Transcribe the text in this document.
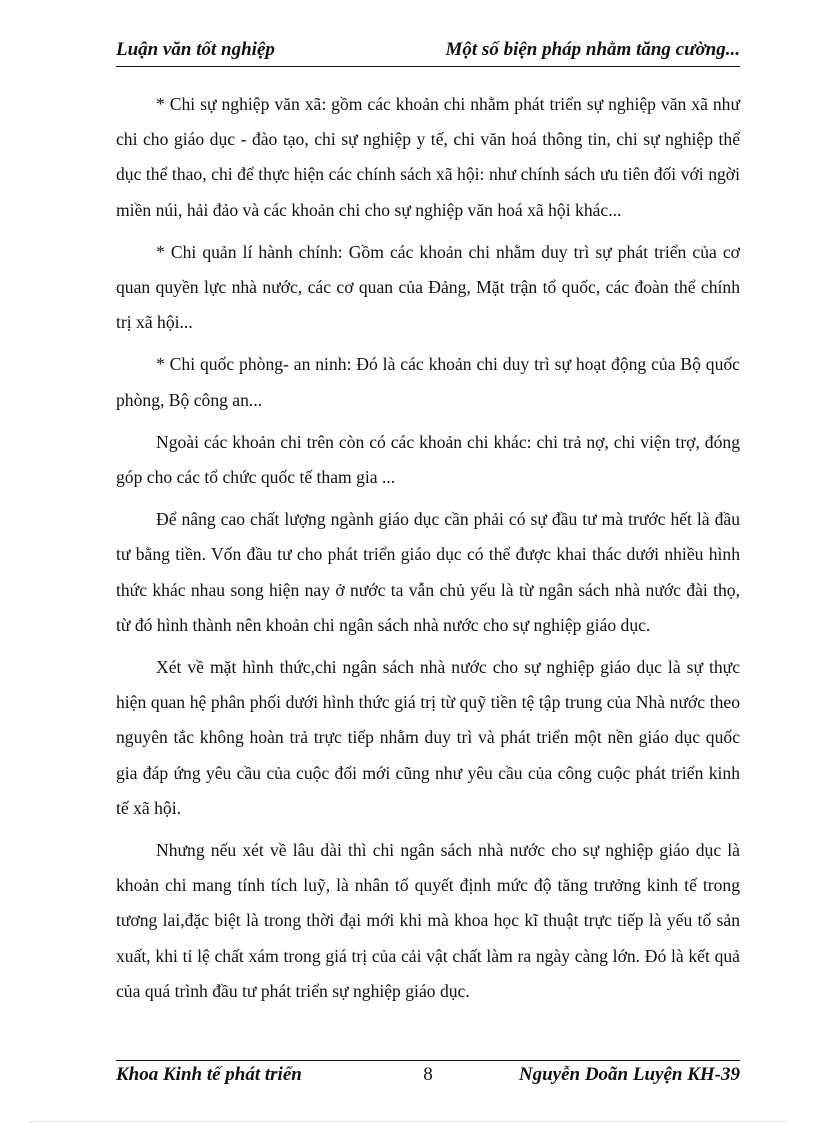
Luận văn tốt nghiệp	Một số biện pháp nhằm tăng cường...

* Chi sự nghiệp văn xã: gồm các khoản chi nhằm phát triển sự nghiệp văn xã như chi cho giáo dục - đào tạo, chi sự nghiệp y tế, chi văn hoá thông tin, chi sự nghiệp thể dục thể thao, chi để thực hiện các chính sách xã hội: như chính sách ưu tiên đối với ngời miền núi, hải đảo và các khoản chi cho sự nghiệp văn hoá xã hội khác...

* Chi quản lí hành chính: Gồm các khoản chi nhằm duy trì sự phát triển của cơ quan quyền lực nhà nước, các cơ quan của Đảng, Mặt trận tổ quốc, các đoàn thể chính trị xã hội...

* Chi quốc phòng- an ninh: Đó là các khoản chi duy trì sự hoạt động của Bộ quốc phòng, Bộ công an...

Ngoài các khoản chi trên còn có các khoản chi khác: chi trả nợ, chi viện trợ, đóng góp cho các tổ chức quốc tế tham gia ...

Để nâng cao chất lượng ngành giáo dục cần phải có sự đầu tư mà trước hết là đầu tư bằng tiền. Vốn đầu tư cho phát triển giáo dục có thể được khai thác dưới nhiều hình thức khác nhau song hiện nay ở nước ta vẫn chủ yếu là từ ngân sách nhà nước đài thọ, từ đó hình thành nên khoản chi ngân sách nhà nước cho sự nghiệp giáo dục.

Xét về mặt hình thức,chi ngân sách nhà nước cho sự nghiệp giáo dục là sự thực hiện quan hệ phân phối dưới hình thức giá trị từ quỹ tiền tệ tập trung của Nhà nước theo nguyên tắc không hoàn trả trực tiếp nhằm duy trì và phát triển một nền giáo dục quốc gia đáp ứng yêu cầu của cuộc đổi mới cũng như yêu cầu của công cuộc phát triển kinh tế xã hội.

Nhưng nếu xét về lâu dài thì chi ngân sách nhà nước cho sự nghiệp giáo dục là khoản chi mang tính tích luỹ, là nhân tố quyết định mức độ tăng trưởng kinh tế trong tương lai,đặc biệt là trong thời đại mới khi mà khoa học kĩ thuật trực tiếp là yếu tố sản xuất, khi tỉ lệ chất xám trong giá trị của cải vật chất làm ra ngày càng lớn. Đó là kết quả của quá trình đầu tư phát triển sự nghiệp giáo dục.

Khoa Kinh tế phát triển	8	Nguyễn Doãn Luyện KH-39
